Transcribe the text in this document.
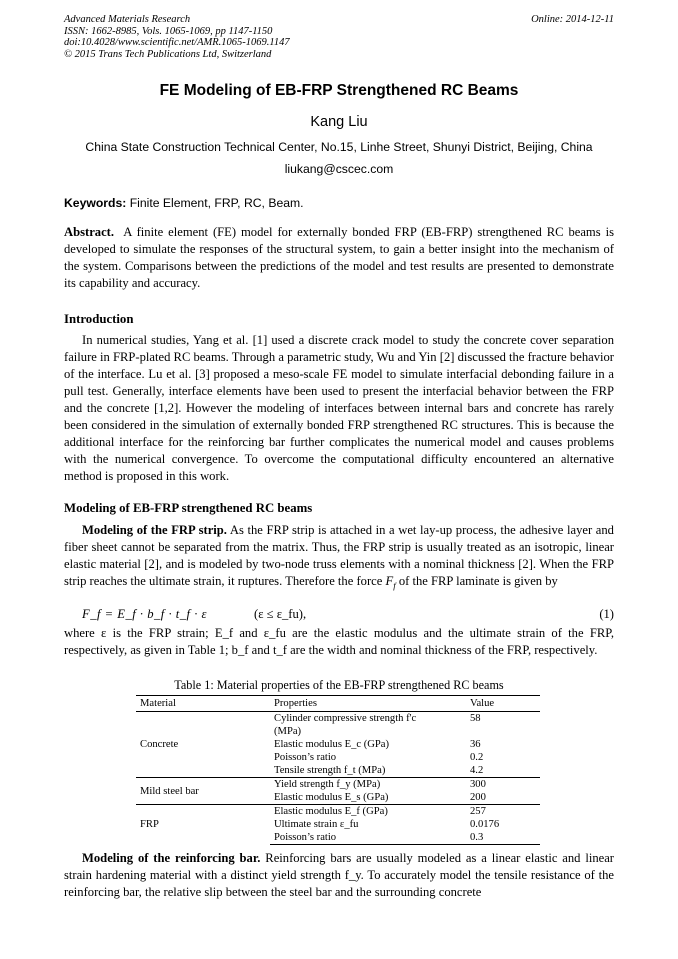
Advanced Materials Research
ISSN: 1662-8985, Vols. 1065-1069, pp 1147-1150
doi:10.4028/www.scientific.net/AMR.1065-1069.1147
© 2015 Trans Tech Publications Ltd, Switzerland
Online: 2014-12-11
FE Modeling of EB-FRP Strengthened RC Beams
Kang Liu
China State Construction Technical Center, No.15, Linhe Street, Shunyi District, Beijing, China
liukang@cscec.com
Keywords: Finite Element, FRP, RC, Beam.

Abstract. A finite element (FE) model for externally bonded FRP (EB-FRP) strengthened RC beams is developed to simulate the responses of the structural system, to gain a better insight into the mechanism of the system. Comparisons between the predictions of the model and test results are presented to demonstrate its capability and accuracy.

Introduction

In numerical studies, Yang et al. [1] used a discrete crack model to study the concrete cover separation failure in FRP-plated RC beams. Through a parametric study, Wu and Yin [2] discussed the fracture behavior of the interface. Lu et al. [3] proposed a meso-scale FE model to simulate interfacial debonding failure in a pull test. Generally, interface elements have been used to present the interfacial behavior between the FRP and the concrete [1,2]. However the modeling of interfaces between internal bars and concrete has rarely been considered in the simulation of externally bonded FRP strengthened RC structures. This is because the additional interface for the reinforcing bar further complicates the numerical model and causes problems with the numerical convergence. To overcome the computational difficulty encountered an alternative method is proposed in this work.

Modeling of EB-FRP strengthened RC beams

Modeling of the FRP strip. As the FRP strip is attached in a wet lay-up process, the adhesive layer and fiber sheet cannot be separated from the matrix. Thus, the FRP strip is usually treated as an isotropic, linear elastic material [2], and is modeled by two-node truss elements with a nominal thickness [2]. When the FRP strip reaches the ultimate strain, it ruptures. Therefore the force $F_f$ of the FRP laminate is given by

F_f = E_f · b_f · t_f · ε	(ε ≤ ε_fu),	(1)

where ε is the FRP strain; E_f and ε_fu are the elastic modulus and the ultimate strain of the FRP, respectively, as given in Table 1; b_f and t_f are the width and nominal thickness of the FRP, respectively.

Table 1: Material properties of the EB-FRP strengthened RC beams
Material	Properties	Value
Concrete	Cylinder compressive strength f'c	58
	(MPa)	
	Elastic modulus E_c (GPa)	36
	Poisson’s ratio	0.2
	Tensile strength f_t (MPa)	4.2
Mild steel bar	Yield strength f_y (MPa)	300
	Elastic modulus E_s (GPa)	200
FRP	Elastic modulus E_f (GPa)	257
	Ultimate strain ε_fu	0.0176
	Poisson’s ratio	0.3

Modeling of the reinforcing bar. Reinforcing bars are usually modeled as a linear elastic and linear strain hardening material with a distinct yield strength f_y. To accurately model the tensile resistance of the reinforcing bar, the relative slip between the steel bar and the surrounding concrete
